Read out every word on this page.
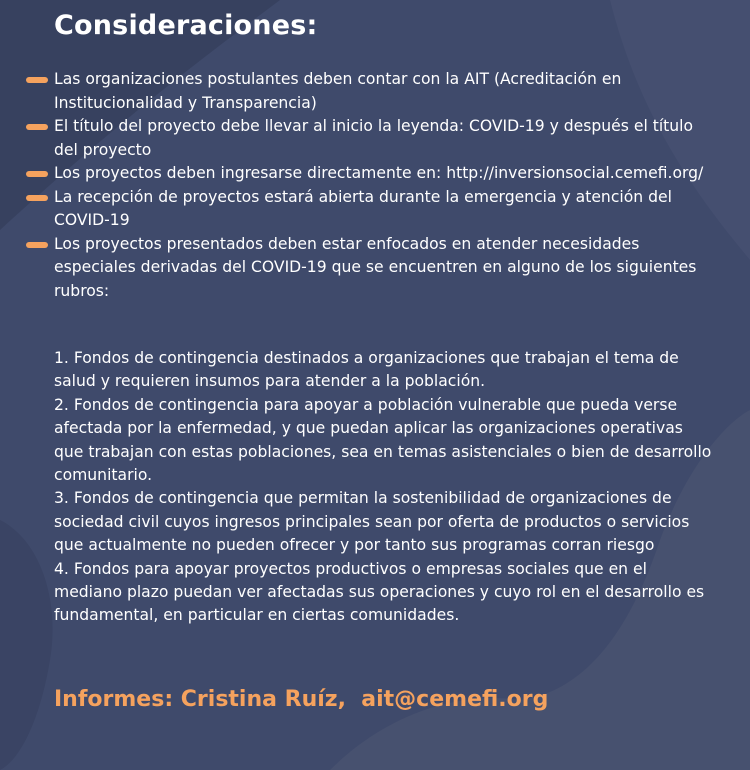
Consideraciones:
Las organizaciones postulantes deben contar con la AIT (Acreditación en Institucionalidad y Transparencia)
El título del proyecto debe llevar al inicio la leyenda: COVID-19 y después el título del proyecto
Los proyectos deben ingresarse directamente en: http://inversionsocial.cemefi.org/
La recepción de proyectos estará abierta durante la emergencia y atención del COVID-19
Los proyectos presentados deben estar enfocados en atender necesidades especiales derivadas del COVID-19 que se encuentren en alguno de los siguientes rubros:
1. Fondos de contingencia destinados a organizaciones que trabajan el tema de salud y requieren insumos para atender a la población.
2. Fondos de contingencia para apoyar a población vulnerable que pueda verse afectada por la enfermedad, y que puedan aplicar las organizaciones operativas que trabajan con estas poblaciones, sea en temas asistenciales o bien de desarrollo comunitario.
3. Fondos de contingencia que permitan la sostenibilidad de organizaciones de sociedad civil cuyos ingresos principales sean por oferta de productos o servicios que actualmente no pueden ofrecer y por tanto sus programas corran riesgo
4. Fondos para apoyar proyectos productivos o empresas sociales que en el mediano plazo puedan ver afectadas sus operaciones y cuyo rol en el desarrollo es fundamental, en particular en ciertas comunidades.
Informes: Cristina Ruíz, ait@cemefi.org
